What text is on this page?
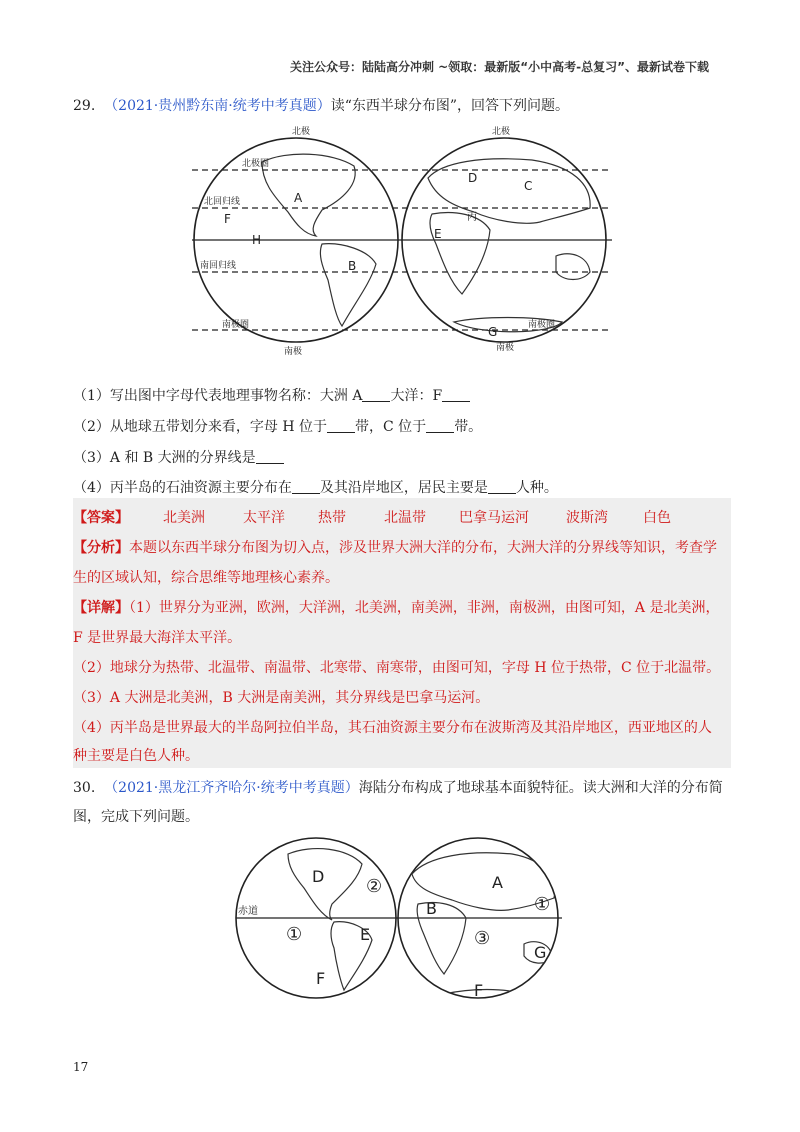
关注公众号：陆陆高分冲刺 ~领取：最新版“小中高考-总复习”、最新试卷下载
29. （2021·贵州黔东南·统考中考真题）读“东西半球分布图”，回答下列问题。
北极	北极
北极圈
北回归线
南回归线
南极圈	南极圈
南极	南极
A
B
C
D
E
F
G
H
丙
（1）写出图中字母代表地理事物名称：大洲 A 大洋：F
（2）从地球五带划分来看，字母 H 位于 带，C 位于 带。
（3）A 和 B 大洲的分界线是
（4）丙半岛的石油资源主要分布在 及其沿岸地区，居民主要是 人种。
【答案】 北美洲	太平洋 热带	北温带 巴拿马运河	波斯湾	白色
【分析】本题以东西半球分布图为切入点，涉及世界大洲大洋的分布，大洲大洋的分界线等知识，考查学
生的区域认知，综合思维等地理核心素养。
【详解】（1）世界分为亚洲，欧洲，大洋洲，北美洲，南美洲，非洲，南极洲，由图可知，A 是北美洲，
F 是世界最大海洋太平洋。
（2）地球分为热带、北温带、南温带、北寒带、南寒带，由图可知，字母 H 位于热带，C 位于北温带。
（3）A 大洲是北美洲，B 大洲是南美洲，其分界线是巴拿马运河。
（4）丙半岛是世界最大的半岛阿拉伯半岛，其石油资源主要分布在波斯湾及其沿岸地区，西亚地区的人
种主要是白色人种。
30. （2021·黑龙江齐齐哈尔·统考中考真题）海陆分布构成了地球基本面貌特征。读大洲和大洋的分布简
图，完成下列问题。
赤道
D
E
F
A
B
G
F
①
②
③
①
17
